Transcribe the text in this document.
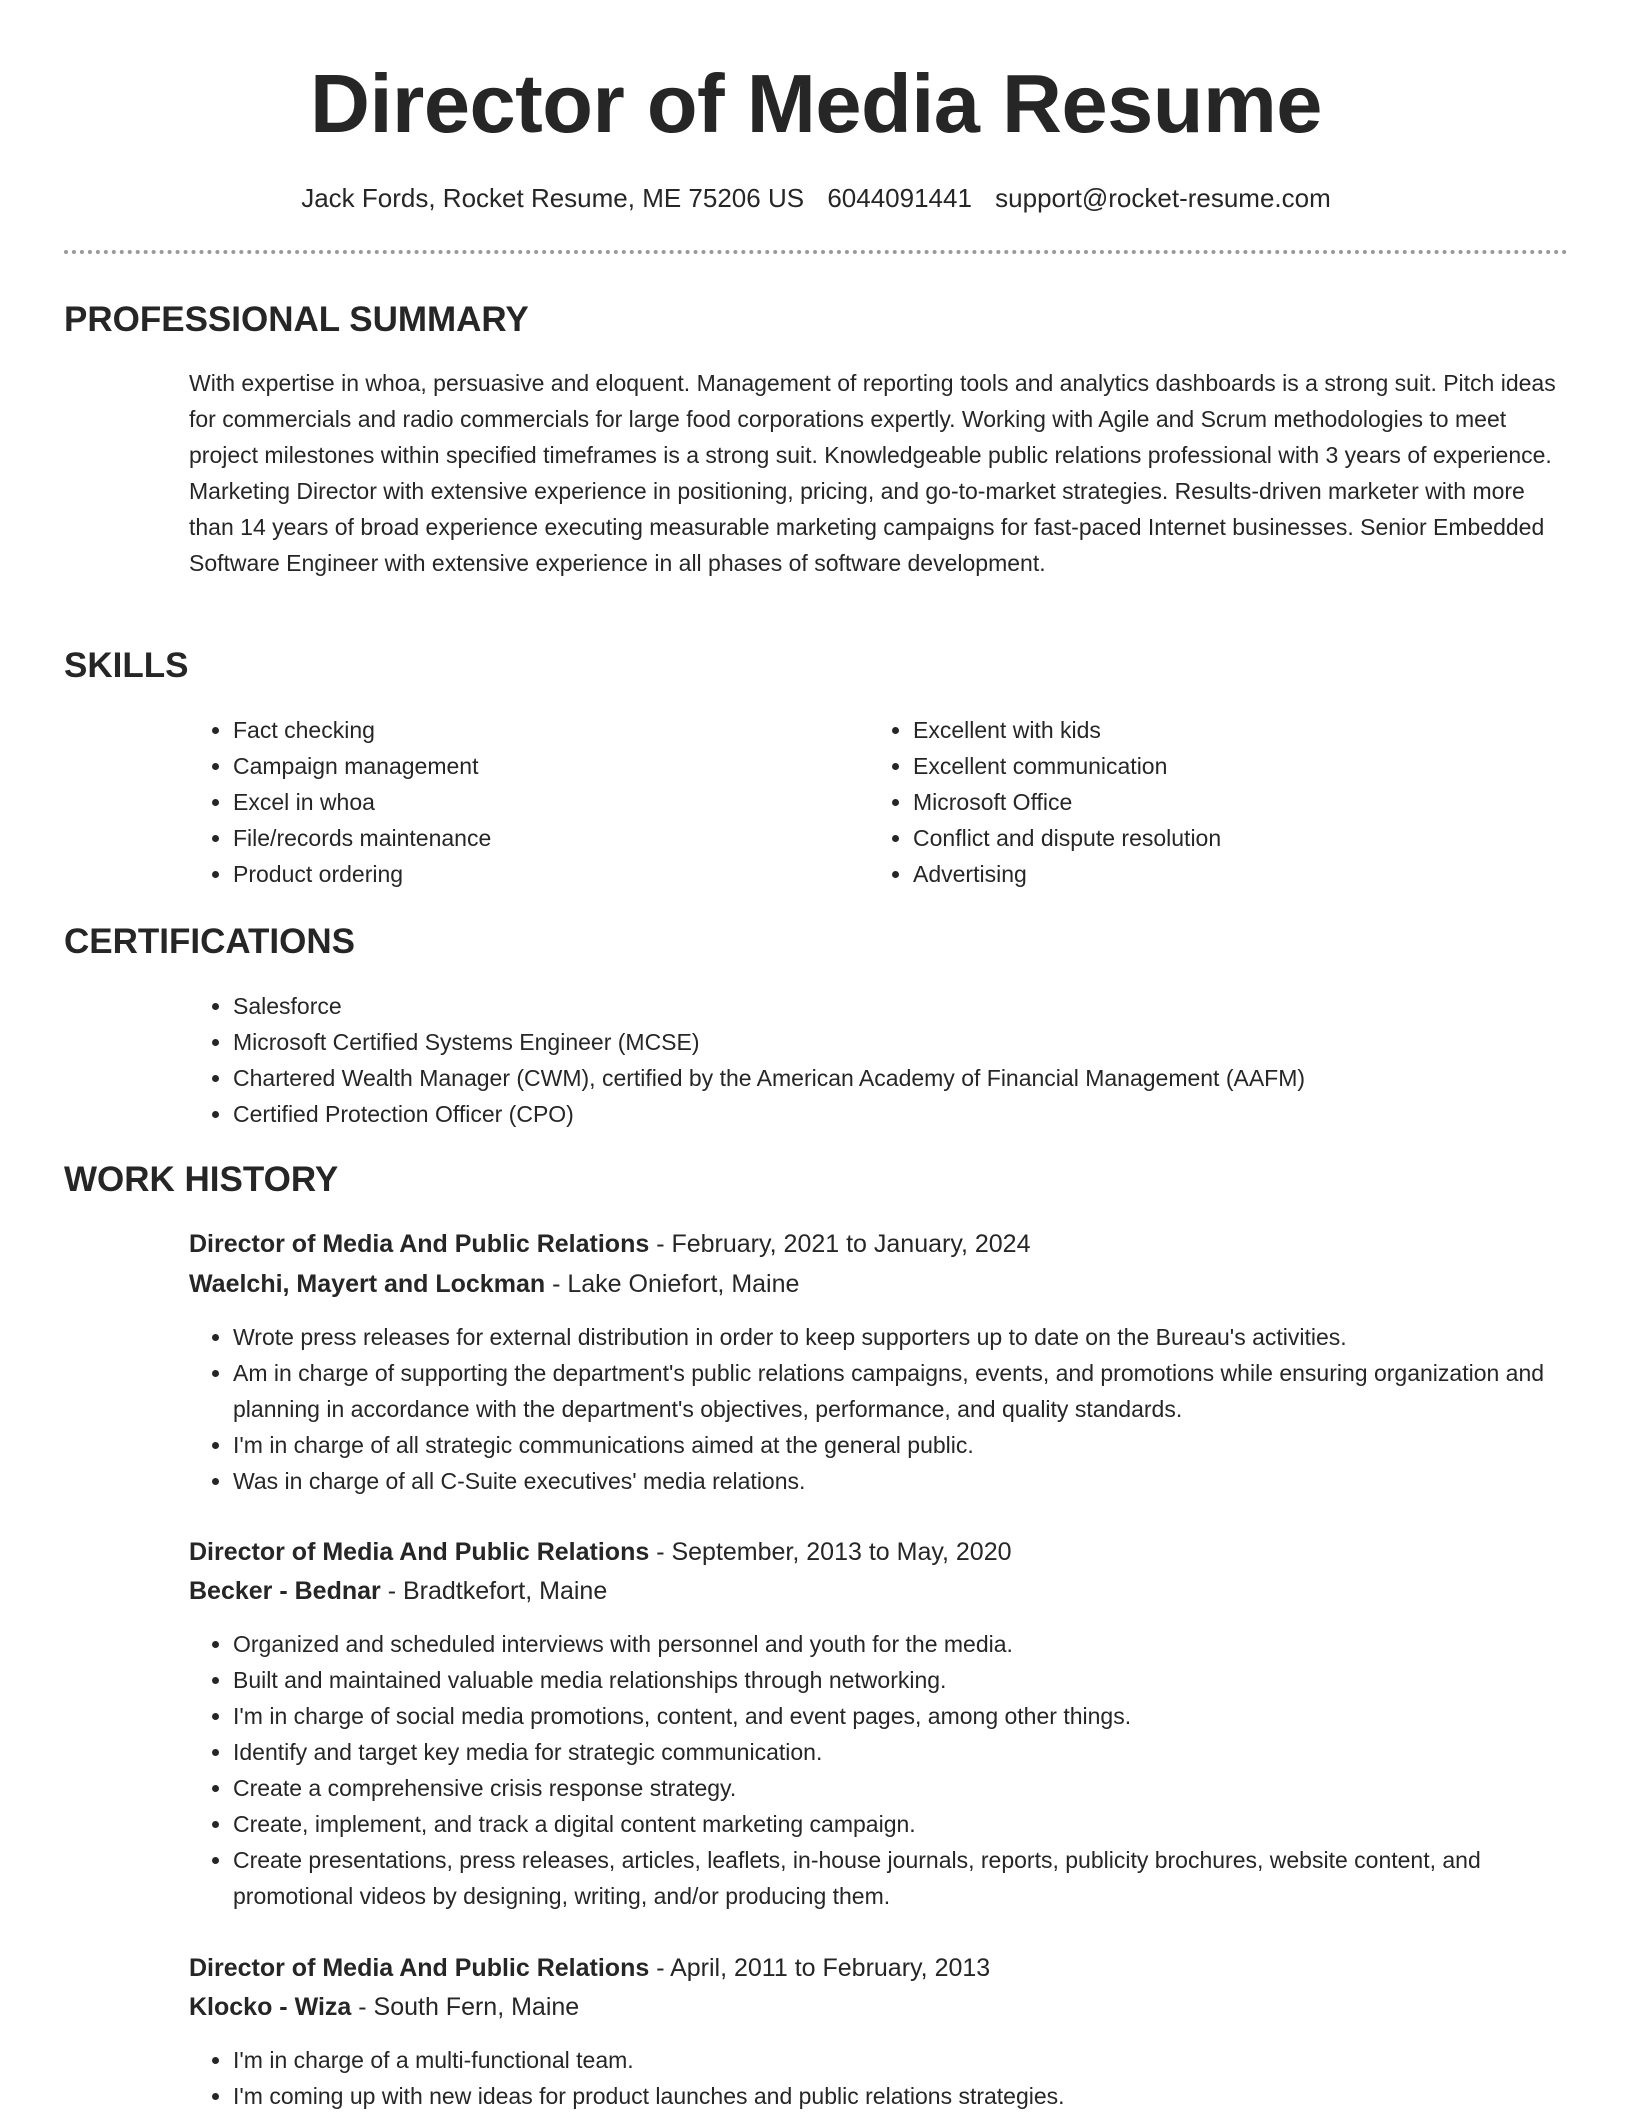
Director of Media Resume
Jack Fords, Rocket Resume, ME 75206 US 6044091441 support@rocket-resume.com
PROFESSIONAL SUMMARY

With expertise in whoa, persuasive and eloquent. Management of reporting tools and analytics dashboards is a strong suit. Pitch ideas for commercials and radio commercials for large food corporations expertly. Working with Agile and Scrum methodologies to meet project milestones within specified timeframes is a strong suit. Knowledgeable public relations professional with 3 years of experience. Marketing Director with extensive experience in positioning, pricing, and go-to-market strategies. Results-driven marketer with more than 14 years of broad experience executing measurable marketing campaigns for fast-paced Internet businesses. Senior Embedded Software Engineer with extensive experience in all phases of software development.

SKILLS
• Fact checking
• Campaign management
• Excel in whoa
• File/records maintenance
• Product ordering
• Excellent with kids
• Excellent communication
• Microsoft Office
• Conflict and dispute resolution
• Advertising
CERTIFICATIONS
• Salesforce
• Microsoft Certified Systems Engineer (MCSE)
• Chartered Wealth Manager (CWM), certified by the American Academy of Financial Management (AAFM)
• Certified Protection Officer (CPO)
WORK HISTORY
Director of Media And Public Relations - February, 2021 to January, 2024
Waelchi, Mayert and Lockman - Lake Oniefort, Maine
• Wrote press releases for external distribution in order to keep supporters up to date on the Bureau's activities.
• Am in charge of supporting the department's public relations campaigns, events, and promotions while ensuring organization and planning in accordance with the department's objectives, performance, and quality standards.
• I'm in charge of all strategic communications aimed at the general public.
• Was in charge of all C-Suite executives' media relations.
Director of Media And Public Relations - September, 2013 to May, 2020
Becker - Bednar - Bradtkefort, Maine
• Organized and scheduled interviews with personnel and youth for the media.
• Built and maintained valuable media relationships through networking.
• I'm in charge of social media promotions, content, and event pages, among other things.
• Identify and target key media for strategic communication.
• Create a comprehensive crisis response strategy.
• Create, implement, and track a digital content marketing campaign.
• Create presentations, press releases, articles, leaflets, in-house journals, reports, publicity brochures, website content, and promotional videos by designing, writing, and/or producing them.
Director of Media And Public Relations - April, 2011 to February, 2013
Klocko - Wiza - South Fern, Maine
• I'm in charge of a multi-functional team.
• I'm coming up with new ideas for product launches and public relations strategies.
